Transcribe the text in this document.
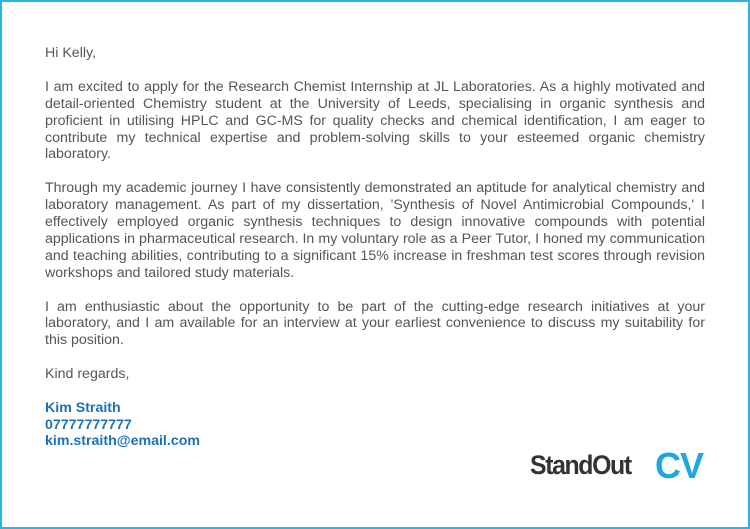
Hi Kelly,

I am excited to apply for the Research Chemist Internship at JL Laboratories. As a highly motivated and detail-oriented Chemistry student at the University of Leeds, specialising in organic synthesis and proficient in utilising HPLC and GC-MS for quality checks and chemical identification, I am eager to contribute my technical expertise and problem-solving skills to your esteemed organic chemistry laboratory.

Through my academic journey I have consistently demonstrated an aptitude for analytical chemistry and laboratory management. As part of my dissertation, 'Synthesis of Novel Antimicrobial Compounds,' I effectively employed organic synthesis techniques to design innovative compounds with potential applications in pharmaceutical research. In my voluntary role as a Peer Tutor, I honed my communication and teaching abilities, contributing to a significant 15% increase in freshman test scores through revision workshops and tailored study materials.

I am enthusiastic about the opportunity to be part of the cutting-edge research initiatives at your laboratory, and I am available for an interview at your earliest convenience to discuss my suitability for this position.

Kind regards,

Kim Straith
07777777777
kim.straith@email.com
StandOut CV
